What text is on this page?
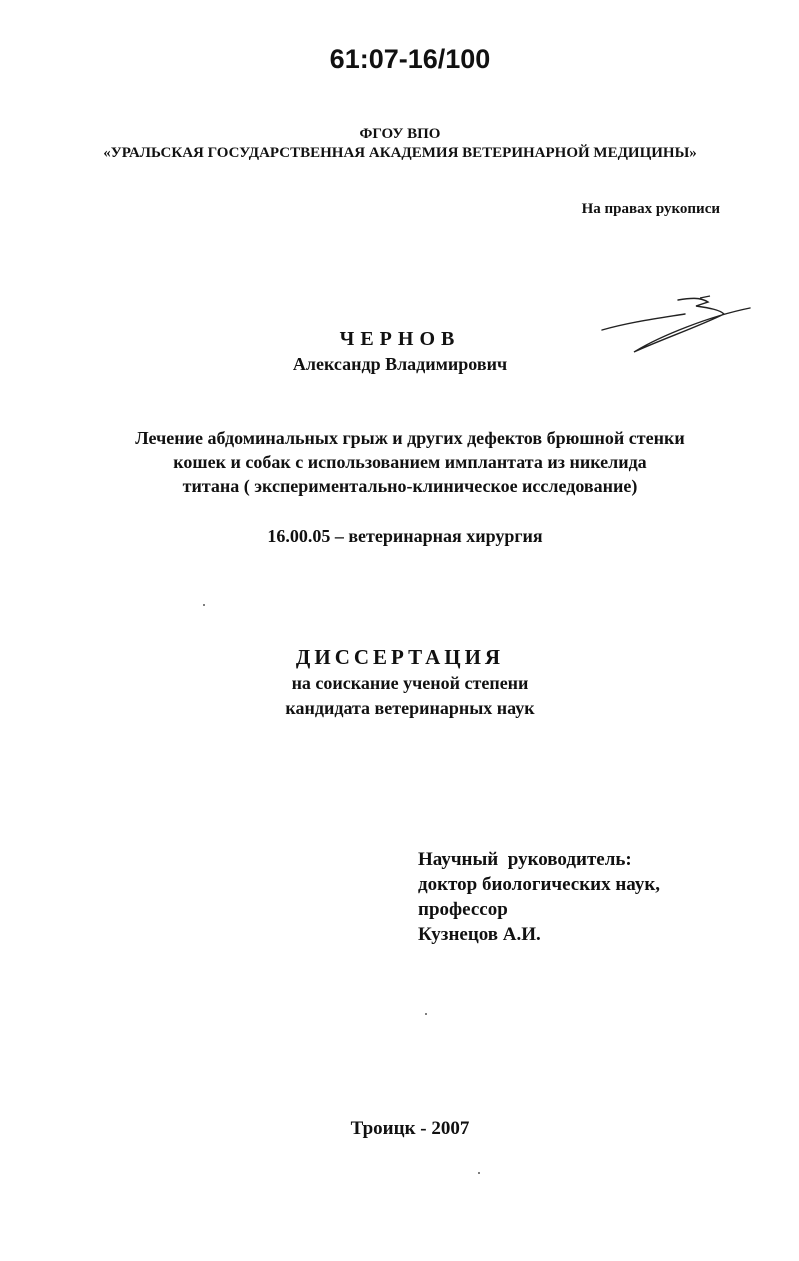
61:07-16/100

ФГОУ ВПО

«УРАЛЬСКАЯ ГОСУДАРСТВЕННАЯ АКАДЕМИЯ ВЕТЕРИНАРНОЙ МЕДИЦИНЫ»

На правах рукописи

ЧЕРНОВ

Александр Владимирович

Лечение абдоминальных грыж и других дефектов брюшной стенки
кошек и собак с использованием имплантата из никелида
титана ( экспериментально-клиническое исследование)

16.00.05 – ветеринарная хирургия

ДИССЕРТАЦИЯ

на соискание ученой степени

кандидата ветеринарных наук

Научный  руководитель:
доктор биологических наук,
профессор
Кузнецов А.И.

Троицк - 2007
